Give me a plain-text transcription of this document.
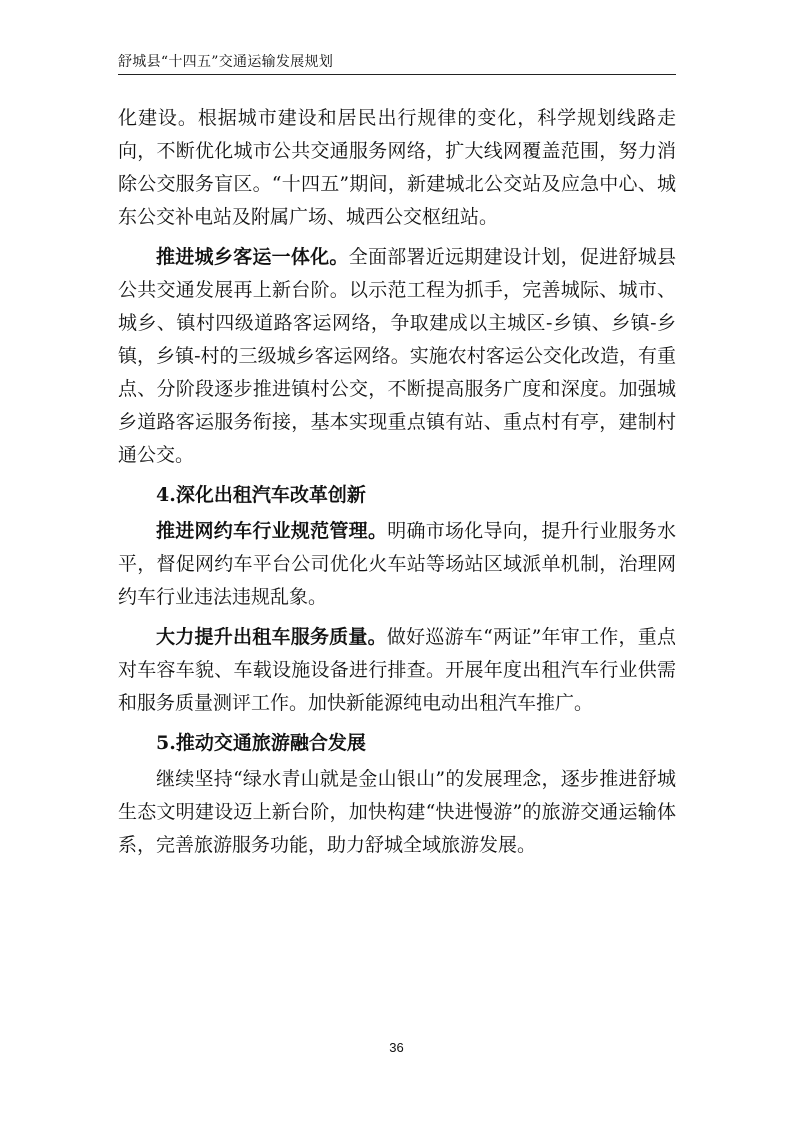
舒城县“十四五”交通运输发展规划

化建设。根据城市建设和居民出行规律的变化，科学规划线路走向，不断优化城市公共交通服务网络，扩大线网覆盖范围，努力消除公交服务盲区。“十四五”期间，新建城北公交站及应急中心、城东公交补电站及附属广场、城西公交枢纽站。

推进城乡客运一体化。全面部署近远期建设计划，促进舒城县公共交通发展再上新台阶。以示范工程为抓手，完善城际、城市、城乡、镇村四级道路客运网络，争取建成以主城区-乡镇、乡镇-乡镇，乡镇-村的三级城乡客运网络。实施农村客运公交化改造，有重点、分阶段逐步推进镇村公交，不断提高服务广度和深度。加强城乡道路客运服务衔接，基本实现重点镇有站、重点村有亭，建制村通公交。

4.深化出租汽车改革创新

推进网约车行业规范管理。明确市场化导向，提升行业服务水平，督促网约车平台公司优化火车站等场站区域派单机制，治理网约车行业违法违规乱象。

大力提升出租车服务质量。做好巡游车“两证”年审工作，重点对车容车貌、车载设施设备进行排查。开展年度出租汽车行业供需和服务质量测评工作。加快新能源纯电动出租汽车推广。

5.推动交通旅游融合发展

继续坚持“绿水青山就是金山银山”的发展理念，逐步推进舒城生态文明建设迈上新台阶，加快构建“快进慢游”的旅游交通运输体系，完善旅游服务功能，助力舒城全域旅游发展。

36
